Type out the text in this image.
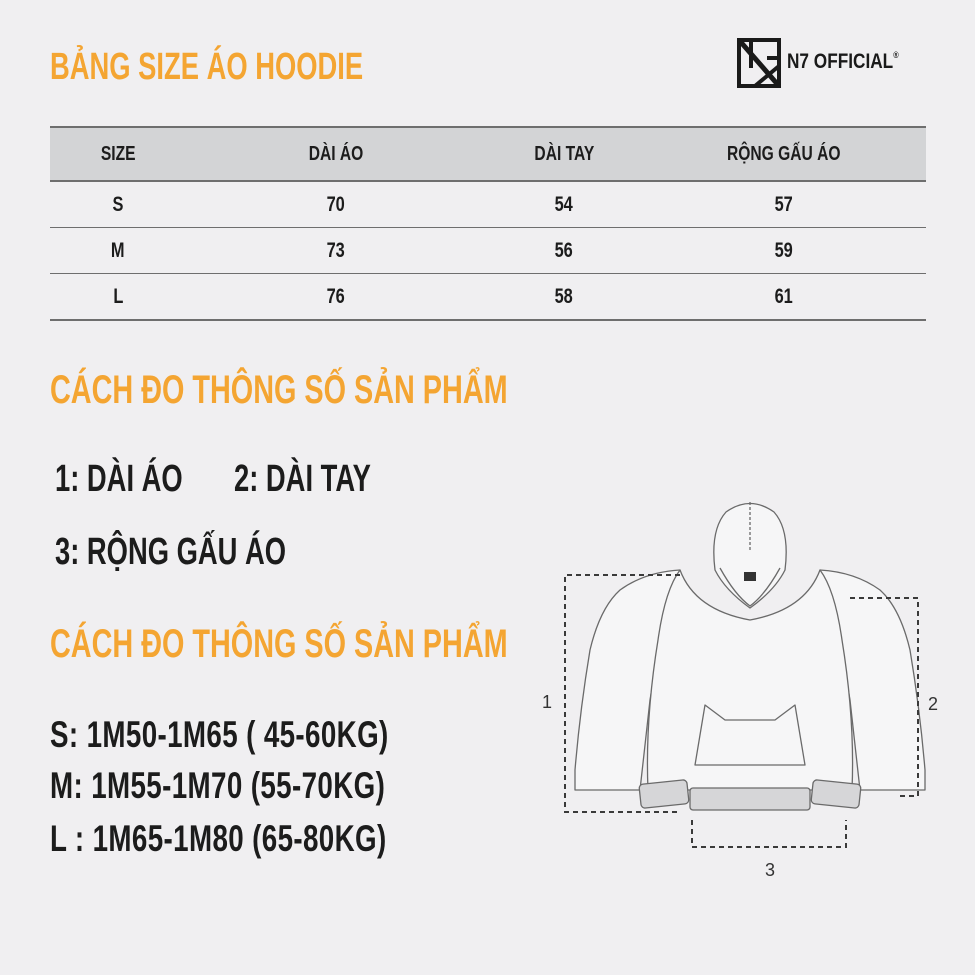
BẢNG SIZE ÁO HOODIE	N7 OFFICIAL®
SIZE	DÀI ÁO	DÀI TAY	RỘNG GẤU ÁO
S	70	54	57
M	73	56	59
L	76	58	61
CÁCH ĐO THÔNG SỐ SẢN PHẨM
1: DÀI ÁO 2: DÀI TAY
3: RỘNG GẤU ÁO
CÁCH ĐO THÔNG SỐ SẢN PHẨM
S: 1M50-1M65 ( 45-60KG)
M: 1M55-1M70 (55-70KG)
L : 1M65-1M80 (65-80KG)
1	2
3
